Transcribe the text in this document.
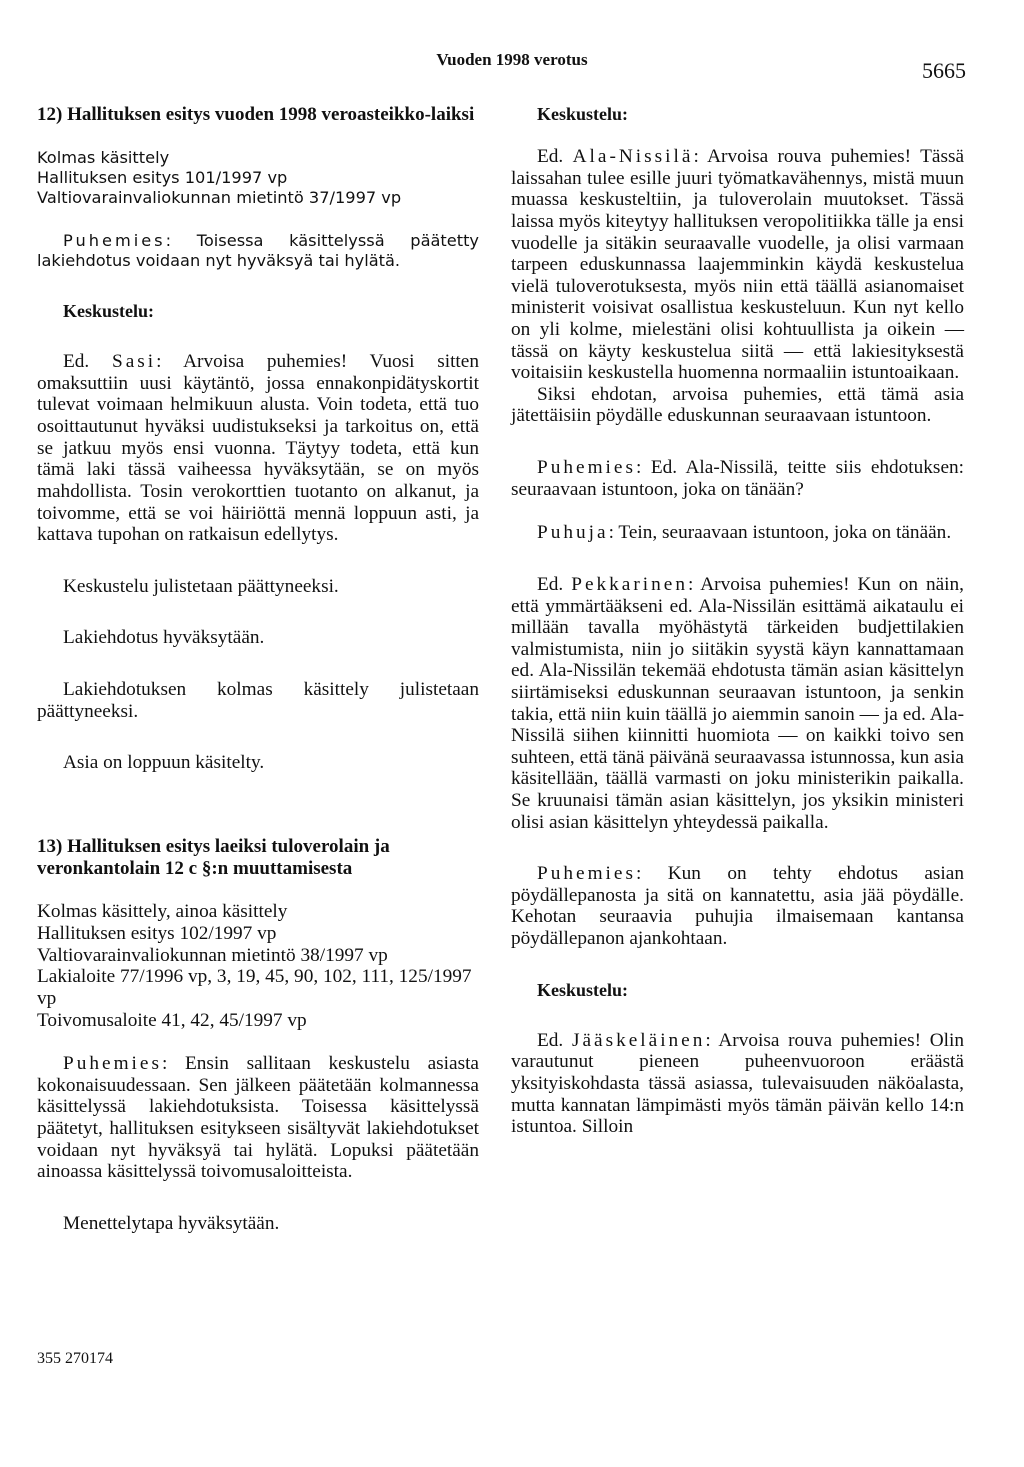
Vuoden 1998 verotus	5665

12) Hallituksen esitys vuoden 1998 veroasteikko-laiksi

Kolmas käsittely

Hallituksen esitys 101/1997 vp

Valtiovarainvaliokunnan mietintö 37/1997 vp

Puhemies: Toisessa käsittelyssä päätetty lakiehdotus voidaan nyt hyväksyä tai hylätä.

Keskustelu:

Ed. Sasi: Arvoisa puhemies! Vuosi sitten omaksuttiin uusi käytäntö, jossa ennakonpidätyskortit tulevat voimaan helmikuun alusta. Voin todeta, että tuo osoittautunut hyväksi uudistukseksi ja tarkoitus on, että se jatkuu myös ensi vuonna. Täytyy todeta, että kun tämä laki tässä vaiheessa hyväksytään, se on myös mahdollista. Tosin verokorttien tuotanto on alkanut, ja toivomme, että se voi häiriöttä mennä loppuun asti, ja kattava tupohan on ratkaisun edellytys.

Keskustelu julistetaan päättyneeksi.

Lakiehdotus hyväksytään.

Lakiehdotuksen kolmas käsittely julistetaan päättyneeksi.

Asia on loppuun käsitelty.

13) Hallituksen esitys laeiksi tuloverolain ja veronkantolain 12 c §:n muuttamisesta

Kolmas käsittely, ainoa käsittely

Hallituksen esitys 102/1997 vp

Valtiovarainvaliokunnan mietintö 38/1997 vp

Lakialoite 77/1996 vp, 3, 19, 45, 90, 102, 111, 125/1997 vp

Toivomusaloite 41, 42, 45/1997 vp

Puhemies: Ensin sallitaan keskustelu asiasta kokonaisuudessaan. Sen jälkeen päätetään kolmannessa käsittelyssä lakiehdotuksista. Toisessa käsittelyssä päätetyt, hallituksen esitykseen sisältyvät lakiehdotukset voidaan nyt hyväksyä tai hylätä. Lopuksi päätetään ainoassa käsittelyssä toivomusaloitteista.

Menettelytapa hyväksytään.

Keskustelu:

Ed. Ala-Nissilä: Arvoisa rouva puhemies! Tässä laissahan tulee esille juuri työmatkavähennys, mistä muun muassa keskusteltiin, ja tuloverolain muutokset. Tässä laissa myös kiteytyy hallituksen veropolitiikka tälle ja ensi vuodelle ja sitäkin seuraavalle vuodelle, ja olisi varmaan tarpeen eduskunnassa laajemminkin käydä keskustelua vielä tuloverotuksesta, myös niin että täällä asianomaiset ministerit voisivat osallistua keskusteluun. Kun nyt kello on yli kolme, mielestäni olisi kohtuullista ja oikein — tässä on käyty keskustelua siitä — että lakiesityksestä voitaisiin keskustella huomenna normaaliin istuntoaikaan.

Siksi ehdotan, arvoisa puhemies, että tämä asia jätettäisiin pöydälle eduskunnan seuraavaan istuntoon.

Puhemies: Ed. Ala-Nissilä, teitte siis ehdotuksen: seuraavaan istuntoon, joka on tänään?

Puhuja: Tein, seuraavaan istuntoon, joka on tänään.

Ed. Pekkarinen: Arvoisa puhemies! Kun on näin, että ymmärtääkseni ed. Ala-Nissilän esittämä aikataulu ei millään tavalla myöhästytä tärkeiden budjettilakien valmistumista, niin jo siitäkin syystä käyn kannattamaan ed. Ala-Nissilän tekemää ehdotusta tämän asian käsittelyn siirtämiseksi eduskunnan seuraavan istuntoon, ja senkin takia, että niin kuin täällä jo aiemmin sanoin — ja ed. Ala-Nissilä siihen kiinnitti huomiota — on kaikki toivo sen suhteen, että tänä päivänä seuraavassa istunnossa, kun asia käsitellään, täällä varmasti on joku ministerikin paikalla. Se kruunaisi tämän asian käsittelyn, jos yksikin ministeri olisi asian käsittelyn yhteydessä paikalla.

Puhemies: Kun on tehty ehdotus asian pöydällepanosta ja sitä on kannatettu, asia jää pöydälle. Kehotan seuraavia puhujia ilmaisemaan kantansa pöydällepanon ajankohtaan.

Keskustelu:

Ed. Jääskeläinen: Arvoisa rouva puhemies! Olin varautunut pieneen puheenvuoroon eräästä yksityiskohdasta tässä asiassa, tulevaisuuden näköalasta, mutta kannatan lämpimästi myös tämän päivän kello 14:n istuntoa. Silloin

355 270174
